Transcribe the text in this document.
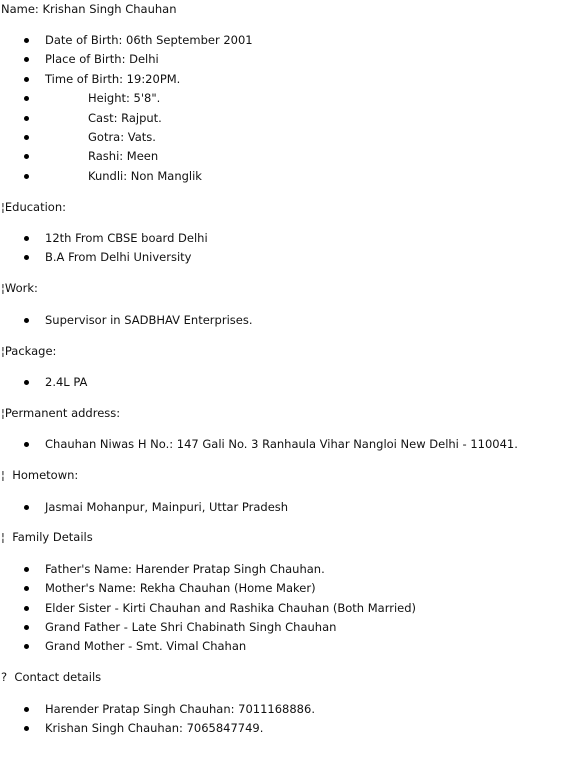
Name: Krishan Singh Chauhan
Date of Birth: 06th September 2001
Place of Birth: Delhi
Time of Birth: 19:20PM.
Height: 5'8".
Cast: Rajput.
Gotra: Vats.
Rashi: Meen
Kundli: Non Manglik
¦Education:
12th From CBSE board Delhi
B.A From Delhi University
¦Work:
Supervisor in SADBHAV Enterprises.
¦Package:
2.4L PA
¦Permanent address:
Chauhan Niwas H No.: 147 Gali No. 3 Ranhaula Vihar Nangloi New Delhi - 110041.
¦  Hometown:
Jasmai Mohanpur, Mainpuri, Uttar Pradesh
¦  Family Details
Father's Name: Harender Pratap Singh Chauhan.
Mother's Name: Rekha Chauhan (Home Maker)
Elder Sister - Kirti Chauhan and Rashika Chauhan (Both Married)
Grand Father - Late Shri Chabinath Singh Chauhan
Grand Mother - Smt. Vimal Chahan
?  Contact details
Harender Pratap Singh Chauhan: 7011168886.
Krishan Singh Chauhan: 7065847749.
